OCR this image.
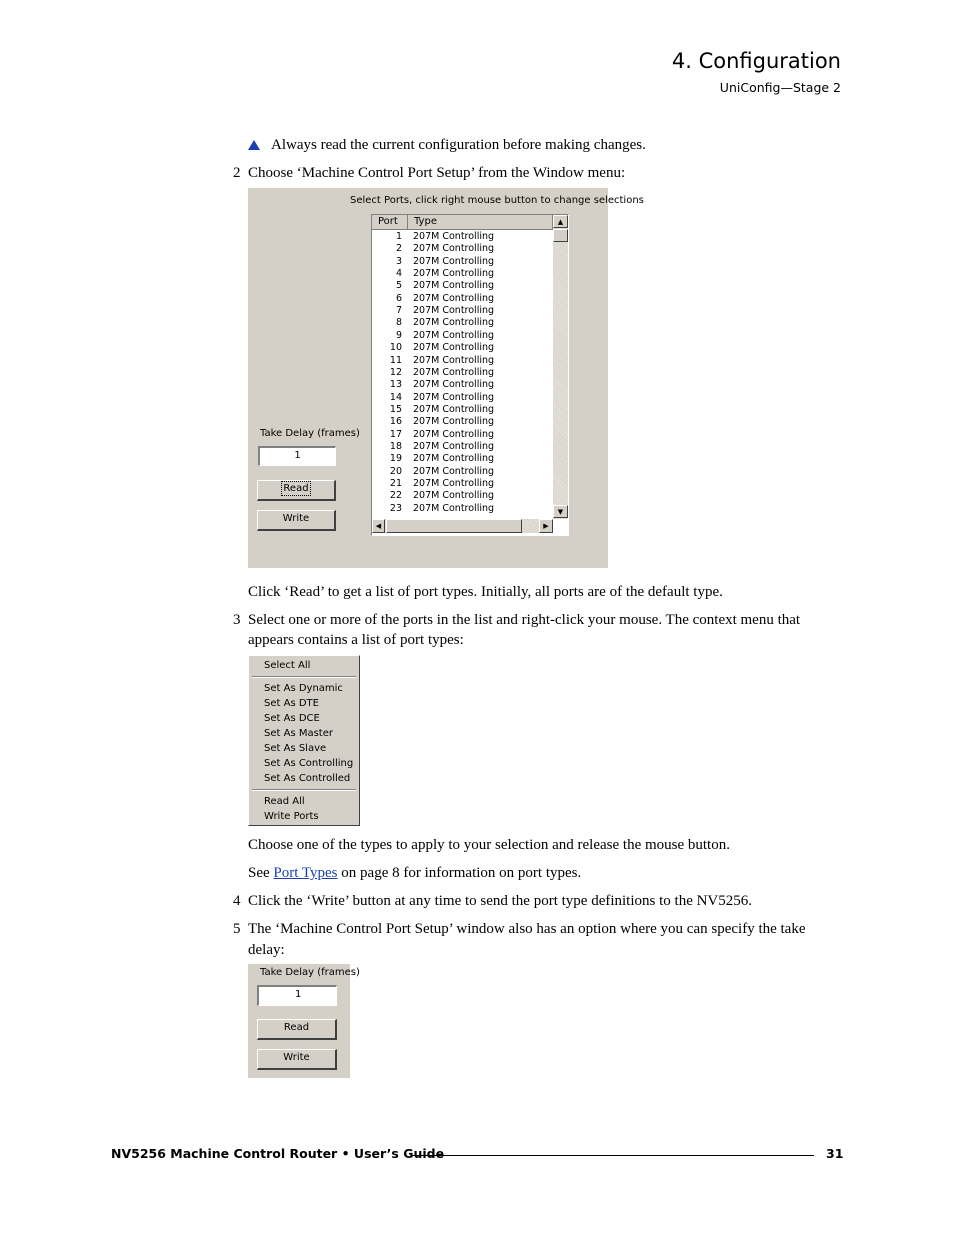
4. Configuration
UniConfig—Stage 2
Always read the current configuration before making changes.
2 Choose ‘Machine Control Port Setup’ from the Window menu:
Select Ports, click right mouse button to change selections
Port	Type
1 207M Controlling
2 207M Controlling
3 207M Controlling
4 207M Controlling
5 207M Controlling
6 207M Controlling
7 207M Controlling
8 207M Controlling
9 207M Controlling
10 207M Controlling
11 207M Controlling
12 207M Controlling
13 207M Controlling
14 207M Controlling
15 207M Controlling
16 207M Controlling
17 207M Controlling
18 207M Controlling
19 207M Controlling
20 207M Controlling
21 207M Controlling
22 207M Controlling
23 207M Controlling
▲
▼
◀	▶
Take Delay (frames)
1
Read
Write
Click ‘Read’ to get a list of port types. Initially, all ports are of the default type.
3 Select one or more of the ports in the list and right-click your mouse. The context menu that
appears contains a list of port types:
Select All
Set As Dynamic
Set As DTE
Set As DCE
Set As Master
Set As Slave
Set As Controlling
Set As Controlled
Read All
Write Ports
Choose one of the types to apply to your selection and release the mouse button.
See Port Types on page 8 for information on port types.
4 Click the ‘Write’ button at any time to send the port type definitions to the NV5256.
5 The ‘Machine Control Port Setup’ window also has an option where you can specify the take
delay:
Take Delay (frames)
1
Read
Write
NV5256 Machine Control Router • User’s Guide	31
